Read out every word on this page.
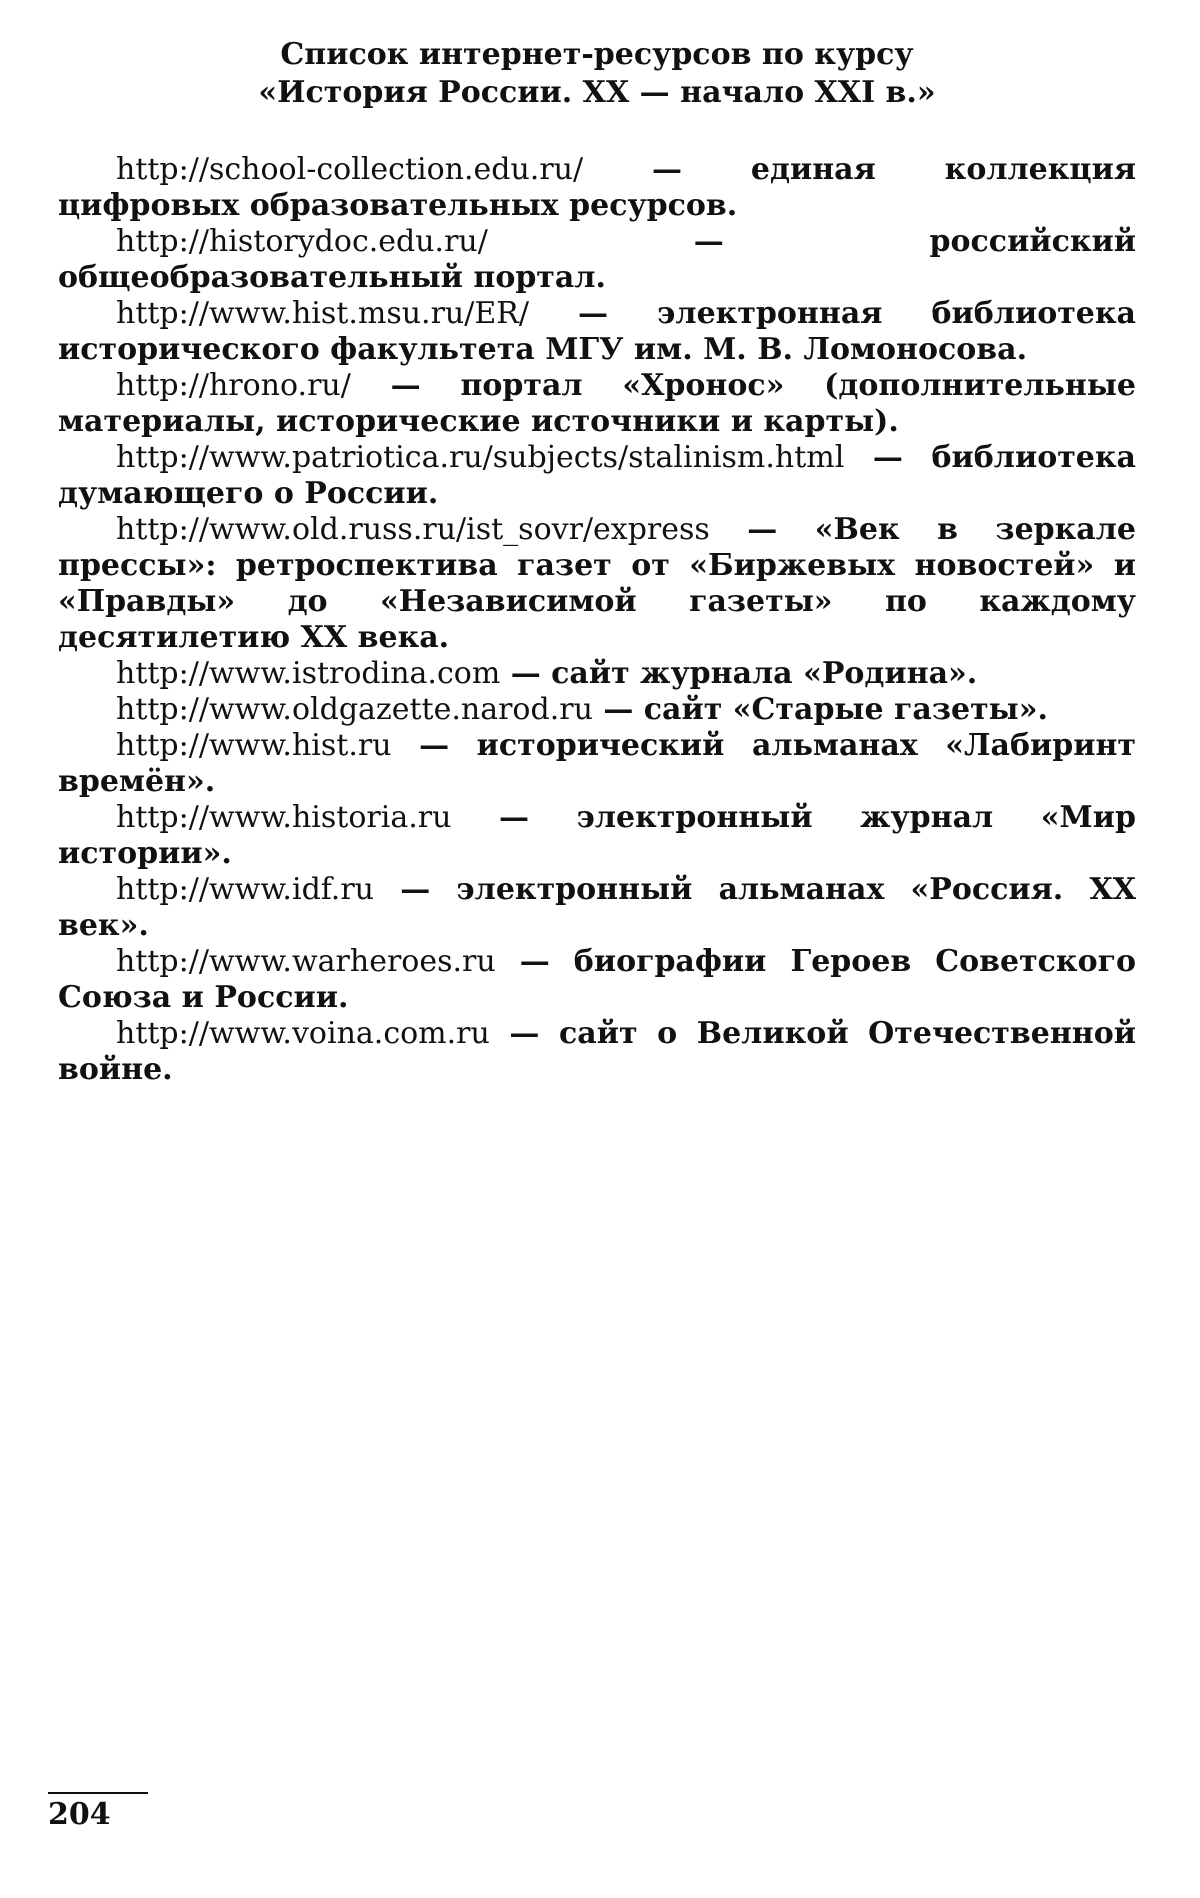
Список интернет-ресурсов по курсу
«История России. XX — начало XXI в.»

http://school-collection.edu.ru/ — единая коллекция цифровых образовательных ресурсов.

http://historydoc.edu.ru/ — российский общеобразовательный портал.

http://www.hist.msu.ru/ER/ — электронная библиотека исторического факультета МГУ им. М. В. Ломоносова.

http://hrono.ru/ — портал «Хронос» (дополнительные материалы, исторические источники и карты).

http://www.patriotica.ru/subjects/stalinism.html — библиотека думающего о России.

http://www.old.russ.ru/ist_sovr/express — «Век в зеркале прессы»: ретроспектива газет от «Биржевых новостей» и «Правды» до «Независимой газеты» по каждому десятилетию XX века.

http://www.istrodina.com — сайт журнала «Родина».

http://www.oldgazette.narod.ru — сайт «Старые газеты».

http://www.hist.ru — исторический альманах «Лабиринт времён».

http://www.historia.ru — электронный журнал «Мир истории».

http://www.idf.ru — электронный альманах «Россия. XX век».

http://www.warheroes.ru — биографии Героев Советского Союза и России.

http://www.voina.com.ru — сайт о Великой Отечественной войне.

204
